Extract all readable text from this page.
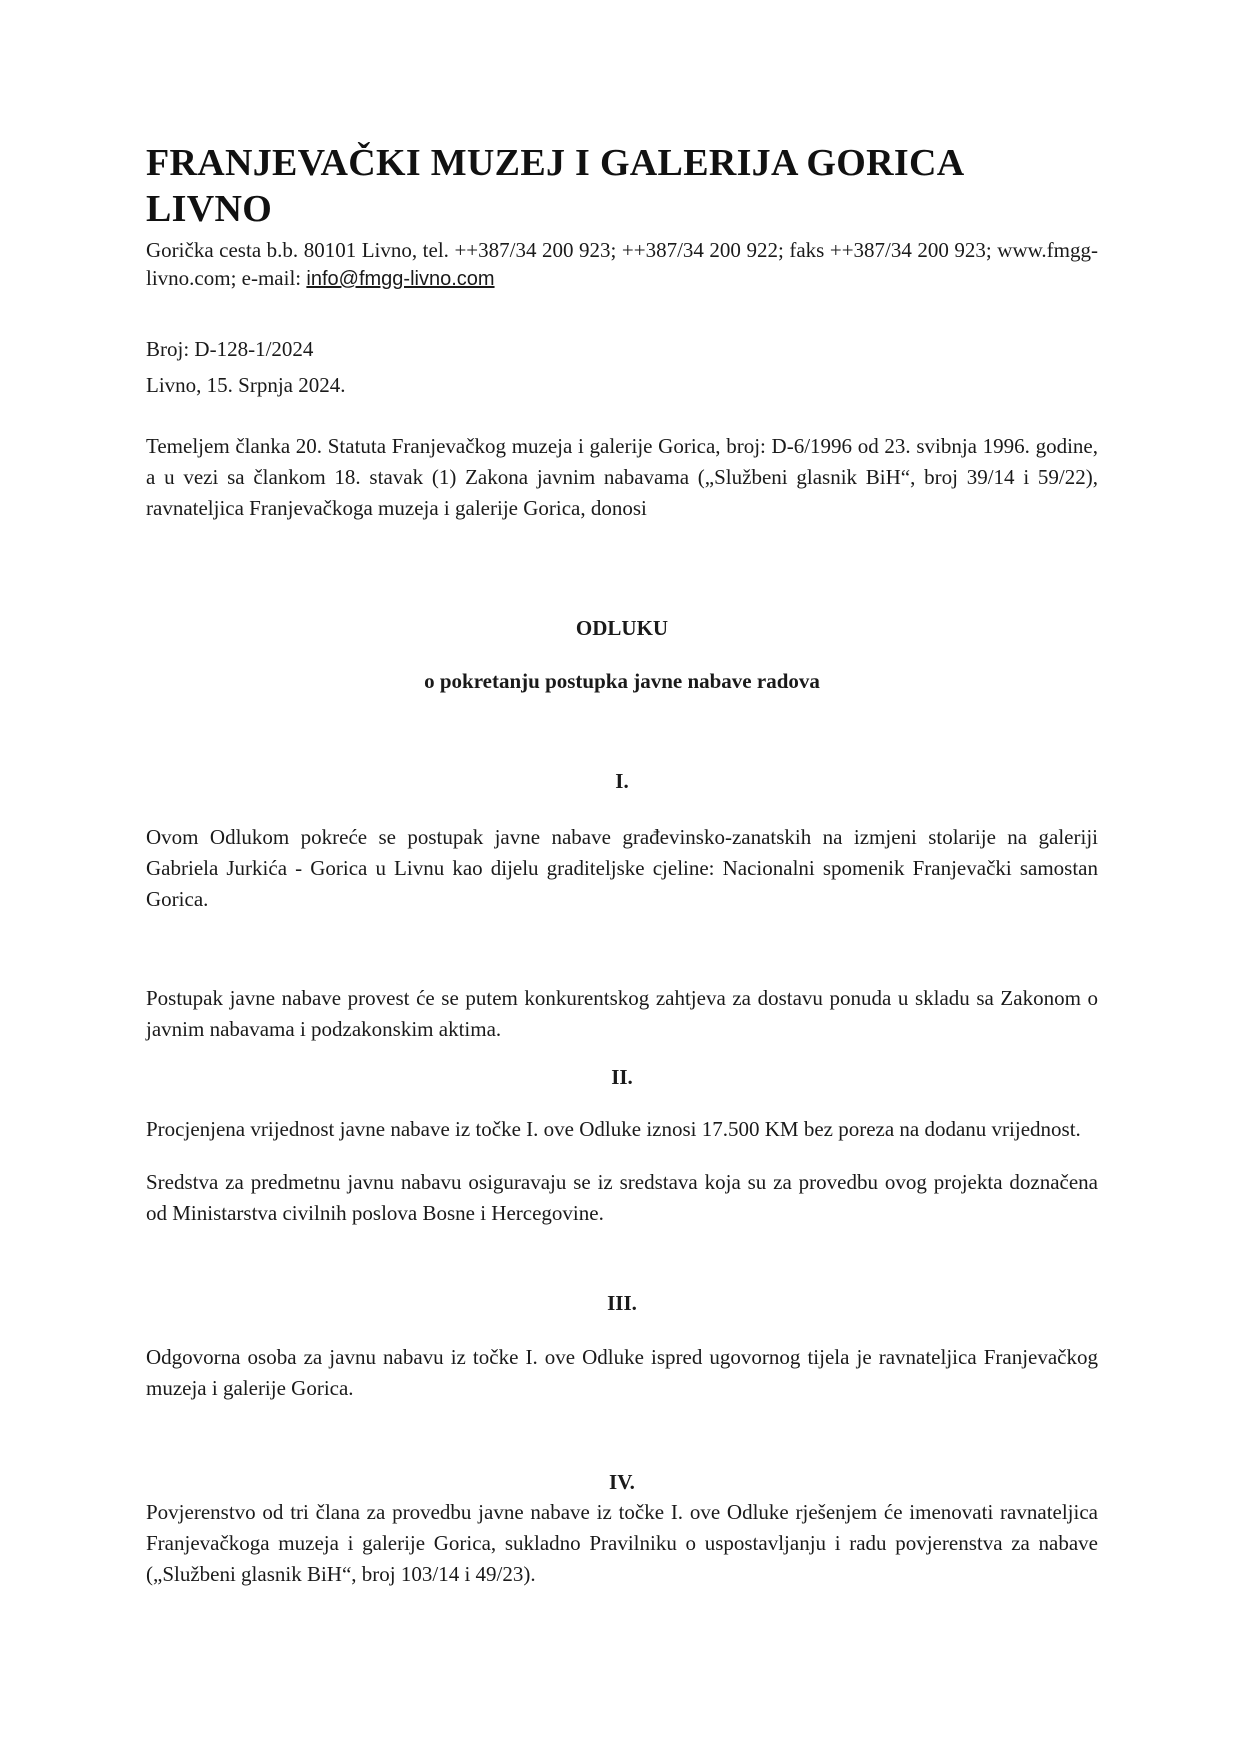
FRANJEVAČKI MUZEJ I GALERIJA GORICA LIVNO

Gorička cesta b.b. 80101 Livno, tel. ++387/34 200 923; ++387/34 200 922; faks ++387/34 200 923; www.fmgg-livno.com; e-mail: info@fmgg-livno.com

Broj: D-128-1/2024
Livno, 15. Srpnja 2024.

Temeljem članka 20. Statuta Franjevačkog muzeja i galerije Gorica, broj: D-6/1996 od 23. svibnja 1996. godine, a u vezi sa člankom 18. stavak (1) Zakona javnim nabavama („Službeni glasnik BiH“, broj 39/14 i 59/22), ravnateljica Franjevačkoga muzeja i galerije Gorica, donosi

ODLUKU

o pokretanju postupka javne nabave radova

I.

Ovom Odlukom pokreće se postupak javne nabave građevinsko-zanatskih na izmjeni stolarije na galeriji Gabriela Jurkića - Gorica u Livnu kao dijelu graditeljske cjeline: Nacionalni spomenik Franjevački samostan Gorica.

Postupak javne nabave provest će se putem konkurentskog zahtjeva za dostavu ponuda u skladu sa Zakonom o javnim nabavama i podzakonskim aktima.

II.

Procjenjena vrijednost javne nabave iz točke I. ove Odluke iznosi 17.500 KM bez poreza na dodanu vrijednost.

Sredstva za predmetnu javnu nabavu osiguravaju se iz sredstava koja su za provedbu ovog projekta doznačena od Ministarstva civilnih poslova Bosne i Hercegovine.

III.

Odgovorna osoba za javnu nabavu iz točke I. ove Odluke ispred ugovornog tijela je ravnateljica Franjevačkog muzeja i galerije Gorica.

IV.

Povjerenstvo od tri člana za provedbu javne nabave iz točke I. ove Odluke rješenjem će imenovati ravnateljica Franjevačkoga muzeja i galerije Gorica, sukladno Pravilniku o uspostavljanju i radu povjerenstva za nabave („Službeni glasnik BiH“, broj 103/14 i 49/23).
